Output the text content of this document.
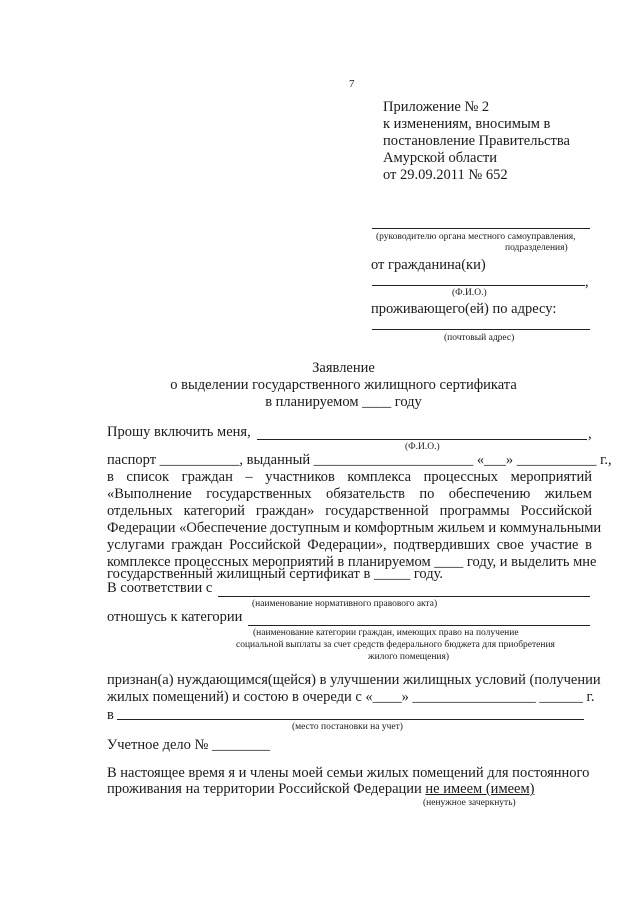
7
Приложение № 2
к изменениям, вносимым в
постановление Правительства
Амурской области
от 29.09.2011 № 652
(руководителю органа местного самоуправления,
подразделения)
от гражданина(ки)
,
(Ф.И.О.)
проживающего(ей) по адресу:
(почтовый адрес)
Заявление
о выделении государственного жилищного сертификата
в планируемом ____ году
Прошу включить меня,	,
(Ф.И.О.)
паспорт ___________, выданный ______________________ «___» ___________ г.,
в список граждан – участников комплекса процессных мероприятий
«Выполнение государственных обязательств по обеспечению жильем
отдельных категорий граждан» государственной программы Российской
Федерации «Обеспечение доступным и комфортным жильем и коммунальными
услугами граждан Российской Федерации», подтвердивших свое участие в
комплексе процессных мероприятий в планируемом ____ году, и выделить мне
государственный жилищный сертификат в _____ году.
В соответствии с
(наименование нормативного правового акта)
отношусь к категории
(наименование категории граждан, имеющих право на получение
социальной выплаты за счет средств федерального бюджета для приобретения
жилого помещения)
признан(а) нуждающимся(щейся) в улучшении жилищных условий (получении
жилых помещений) и состою в очереди с «____» _________________ ______ г.
в
(место постановки на учет)
Учетное дело № ________
В настоящее время я и члены моей семьи жилых помещений для постоянного
проживания на территории Российской Федерации не имеем (имеем)
(ненужное зачеркнуть)
